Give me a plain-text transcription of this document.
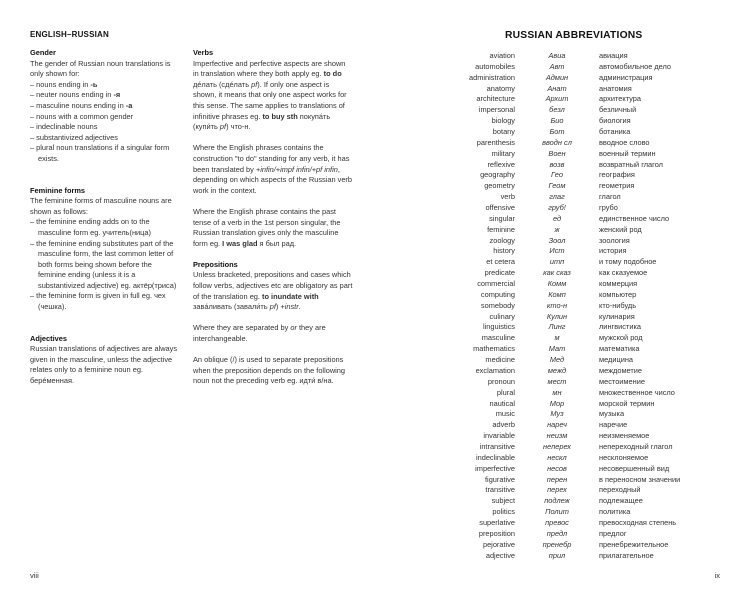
ENGLISH–RUSSIAN
Gender

The gender of Russian noun translations is only shown for:

– nouns ending in -ь
– neuter nouns ending in -я
– masculine nouns ending in -а
– nouns with a common gender
– indeclinable nouns
– substantivized adjectives
– plural noun translations if a singular form exists.
Feminine forms

The feminine forms of masculine nouns are shown as follows:

– the feminine ending adds on to the masculine form eg. учитель(ница)
– the feminine ending substitutes part of the masculine form, the last common letter of both forms being shown before the feminine ending (unless it is a substantivized adjective) eg. актёр(триса)
– the feminine form is given in full eg. чех (чешка).
Adjectives

Russian translations of adjectives are always given in the masculine, unless the adjective relates only to a feminine noun eg. берéменная.

Verbs

Imperfective and perfective aspects are shown in translation where they both apply eg. to do дéлать (сдéлать pf). If only one aspect is shown, it means that only one aspect works for this sense. The same applies to translations of infinitive phrases eg. to buy sth покупáть (купи́ть pf) что-н.

Where the English phrases contains the construction "to do" standing for any verb, it has been translated by +infin/+impf infin/+pf infin, depending on which aspects of the Russian verb work in the context.

Where the English phrase contains the past tense of a verb in the 1st person singular, the Russian translation gives only the masculine form eg. I was glad я был рад.

Prepositions

Unless bracketed, prepositions and cases which follow verbs, adjectives etc are obligatory as part of the translation eg. to inundate with завáливать (завали́ть pf) +instr.

Where they are separated by or they are interchangeable.

An oblique (/) is used to separate prepositions when the preposition depends on the following noun not the preceding verb eg. идти́ в/на.

viii
RUSSIAN ABBREVIATIONS
aviation	Авиа	авиация
automobiles	Авт	автомобильное дело
administration	Админ	администрация
anatomy	Анат	анатомия
architecture	Архит	архитектура
impersonal	безл	безличный
biology	Био	биология
botany	Бот	ботаника
parenthesis	вводн сл	вводное слово
military	Воен	военный термин
reflexive	возв	возвратный глагол
geography	Гео	география
geometry	Геом	геометрия
verb	глаг	глагол
offensive	груб!	грубо
singular	ед	единственное число
feminine	ж	женский род
zoology	Зоол	зоология
history	Ист	история
et cetera	итп	и тому подобное
predicate	как сказ	как сказуемое
commercial	Комм	коммерция
computing	Комп	компьютер
somebody	кто-н	кто-нибудь
culinary	Кулин	кулинария
linguistics	Линг	лингвистика
masculine	м	мужской род
mathematics	Мат	математика
medicine	Мед	медицина
exclamation	межд	междометие
pronoun	мест	местоимение
plural	мн	множественное число
nautical	Мор	морской термин
music	Муз	музыка
adverb	нареч	наречие
invariable	неизм	неизменяемое
intransitive	неперех	непереходный глагол
indeclinable	нескл	несклоняемое
imperfective	несов	несовершенный вид
figurative	перен	в переносном значении
transitive	перех	переходный
subject	подлеж	подлежащее
politics	Полит	политика
superlative	превос	превосходная степень
preposition	предл	предлог
pejorative	пренебр	пренебрежительное
adjective	прил	прилагательное
ix
